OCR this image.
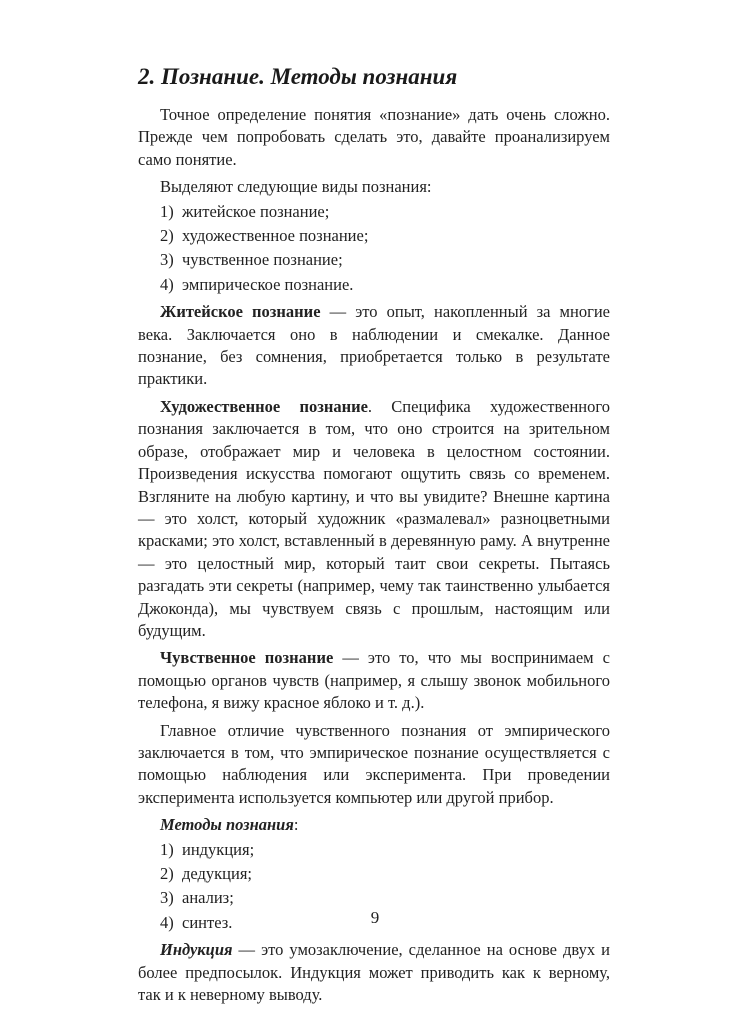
2. Познание. Методы познания

Точное определение понятия «познание» дать очень сложно. Прежде чем попробовать сделать это, давайте проанализируем само понятие.

Выделяют следующие виды познания:

1) житейское познание;
2) художественное познание;
3) чувственное познание;
4) эмпирическое познание.

Житейское познание — это опыт, накопленный за многие века. Заключается оно в наблюдении и смекалке. Данное познание, без сомнения, приобретается только в результате практики.

Художественное познание. Специфика художественного познания заключается в том, что оно строится на зрительном образе, отображает мир и человека в целостном состоянии. Произведения искусства помогают ощутить связь со временем. Взгляните на любую картину, и что вы увидите? Внешне картина — это холст, который художник «размалевал» разноцветными красками; это холст, вставленный в деревянную раму. А внутренне — это целостный мир, который таит свои секреты. Пытаясь разгадать эти секреты (например, чему так таинственно улыбается Джоконда), мы чувствуем связь с прошлым, настоящим или будущим.

Чувственное познание — это то, что мы воспринимаем с помощью органов чувств (например, я слышу звонок мобильного телефона, я вижу красное яблоко и т. д.).

Главное отличие чувственного познания от эмпирического заключается в том, что эмпирическое познание осуществляется с помощью наблюдения или эксперимента. При проведении эксперимента используется компьютер или другой прибор.

Методы познания:

1) индукция;
2) дедукция;
3) анализ;
4) синтез.

Индукция — это умозаключение, сделанное на основе двух и более предпосылок. Индукция может приводить как к верному, так и к неверному выводу.

9
